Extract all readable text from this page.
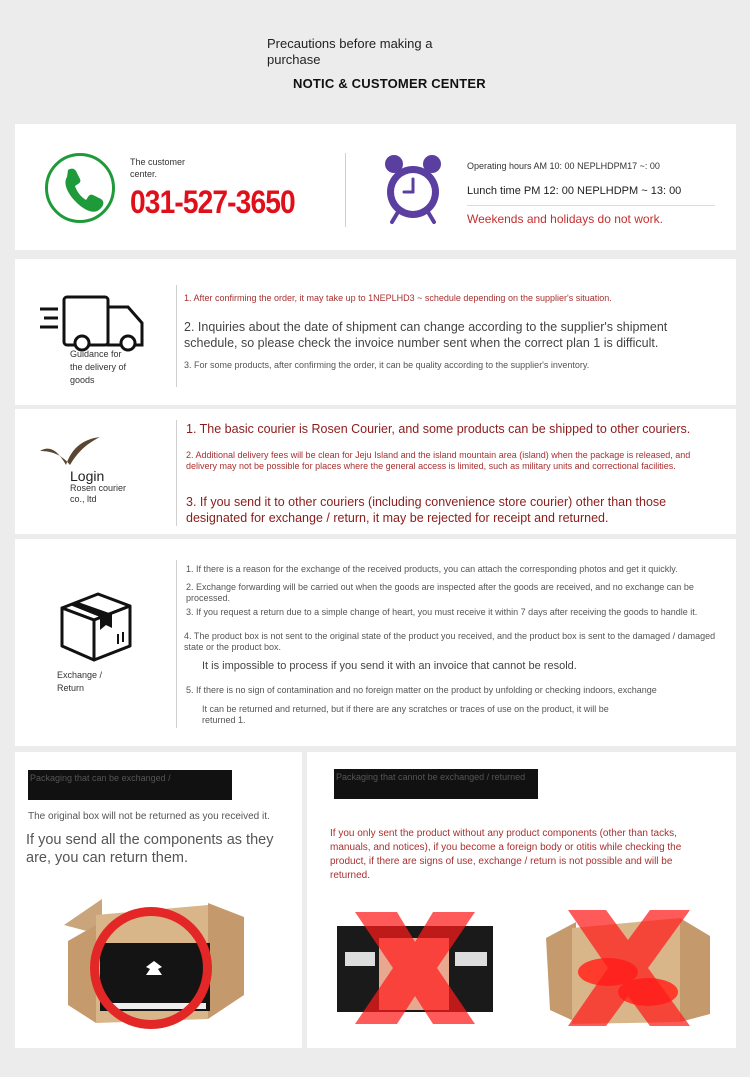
Precautions before making a purchase
NOTIC & CUSTOMER CENTER
The customer center.
031-527-3650
Operating hours AM 10: 00 NEPLHDPM17 ~: 00
Lunch time PM 12: 00 NEPLHDPM ~ 13: 00
Weekends and holidays do not work.
Guidance for the delivery of goods
1. After confirming the order, it may take up to 1NEPLHD3 ~ schedule depending on the supplier's situation.
2. Inquiries about the date of shipment can change according to the supplier's shipment schedule, so please check the invoice number sent when the correct plan 1 is difficult.
3. For some products, after confirming the order, it can be quality according to the supplier's inventory.
Login
Rosen courier co., ltd
1. The basic courier is Rosen Courier, and some products can be shipped to other couriers.
2. Additional delivery fees will be clean for Jeju Island and the island mountain area (island) when the package is released, and delivery may not be possible for places where the general access is limited, such as military units and correctional facilities.
3. If you send it to other couriers (including convenience store courier) other than those designated for exchange / return, it may be rejected for receipt and returned.
Exchange / Return
1. If there is a reason for the exchange of the received products, you can attach the corresponding photos and get it quickly.
2. Exchange forwarding will be carried out when the goods are inspected after the goods are received, and no exchange can be processed.
3. If you request a return due to a simple change of heart, you must receive it within 7 days after receiving the goods to handle it.
4. The product box is not sent to the original state of the product you received, and the product box is sent to the damaged / damaged state or the product box.
It is impossible to process if you send it with an invoice that cannot be resold.
5. If there is no sign of contamination and no foreign matter on the product by unfolding or checking indoors, exchange
It can be returned and returned, but if there are any scratches or traces of use on the product, it will be returned 1.
Packaging that can be exchanged /
The original box will not be returned as you received it.
If you send all the components as they are, you can return them.
Packaging that cannot be exchanged / returned
If you only sent the product without any product components (other than tacks, manuals, and notices), if you become a foreign body or otitis while checking the product, if there are signs of use, exchange / return is not possible and will be returned.
